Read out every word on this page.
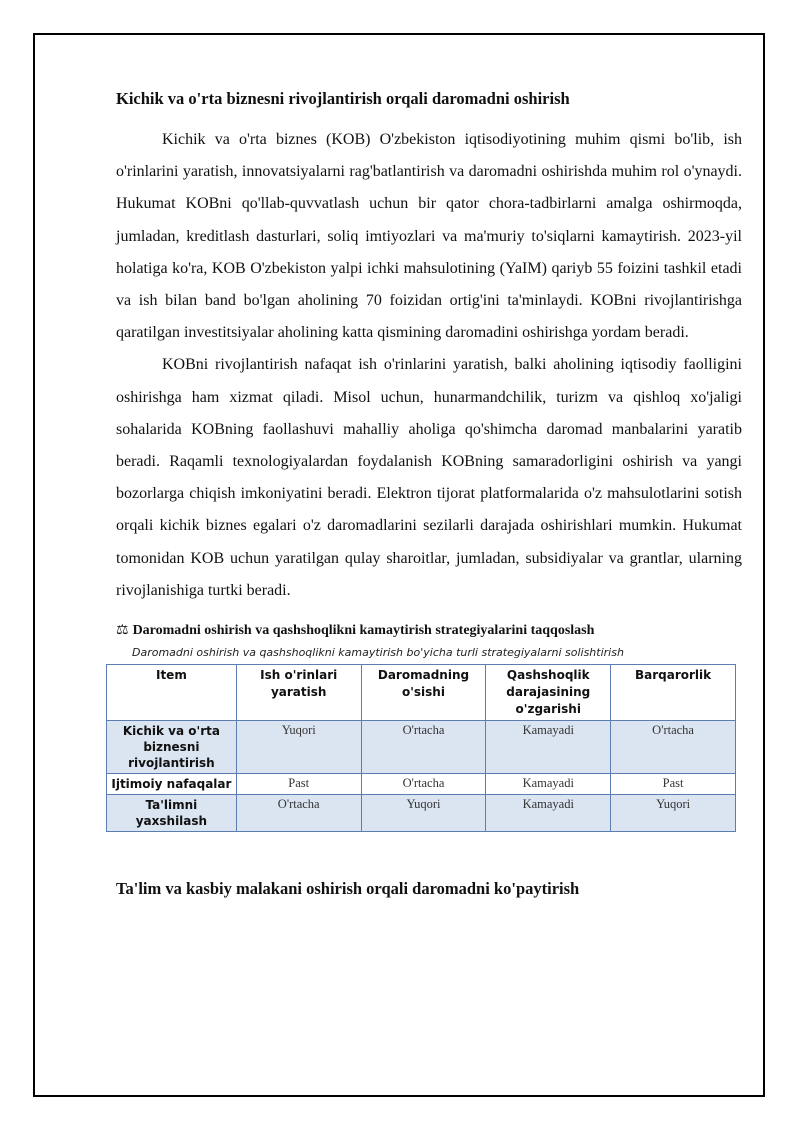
Kichik va o'rta biznesni rivojlantirish orqali daromadni oshirish

Kichik va o'rta biznes (KOB) O'zbekiston iqtisodiyotining muhim qismi bo'lib, ish o'rinlarini yaratish, innovatsiyalarni rag'batlantirish va daromadni oshirishda muhim rol o'ynaydi. Hukumat KOBni qo'llab-quvvatlash uchun bir qator chora-tadbirlarni amalga oshirmoqda, jumladan, kreditlash dasturlari, soliq imtiyozlari va ma'muriy to'siqlarni kamaytirish. 2023-yil holatiga ko'ra, KOB O'zbekiston yalpi ichki mahsulotining (YaIM) qariyb 55 foizini tashkil etadi va ish bilan band bo'lgan aholining 70 foizidan ortig'ini ta'minlaydi. KOBni rivojlantirishga qaratilgan investitsiyalar aholining katta qismining daromadini oshirishga yordam beradi.

KOBni rivojlantirish nafaqat ish o'rinlarini yaratish, balki aholining iqtisodiy faolligini oshirishga ham xizmat qiladi. Misol uchun, hunarmandchilik, turizm va qishloq xo'jaligi sohalarida KOBning faollashuvi mahalliy aholiga qo'shimcha daromad manbalarini yaratib beradi. Raqamli texnologiyalardan foydalanish KOBning samaradorligini oshirish va yangi bozorlarga chiqish imkoniyatini beradi. Elektron tijorat platformalarida o'z mahsulotlarini sotish orqali kichik biznes egalari o'z daromadlarini sezilarli darajada oshirishlari mumkin. Hukumat tomonidan KOB uchun yaratilgan qulay sharoitlar, jumladan, subsidiyalar va grantlar, ularning rivojlanishiga turtki beradi.

⚖ Daromadni oshirish va qashshoqlikni kamaytirish strategiyalarini taqqoslash
Daromadni oshirish va qashshoqlikni kamaytirish bo'yicha turli strategiyalarni solishtirish
Item	Ish o'rinlari yaratish	Daromadning o'sishi	Qashshoqlik darajasining o'zgarishi	Barqarorlik
Kichik va o'rta biznesni rivojlantirish	Yuqori	O'rtacha	Kamayadi	O'rtacha
Ijtimoiy nafaqalar	Past	O'rtacha	Kamayadi	Past
Ta'limni yaxshilash	O'rtacha	Yuqori	Kamayadi	Yuqori
Ta'lim va kasbiy malakani oshirish orqali daromadni ko'paytirish
